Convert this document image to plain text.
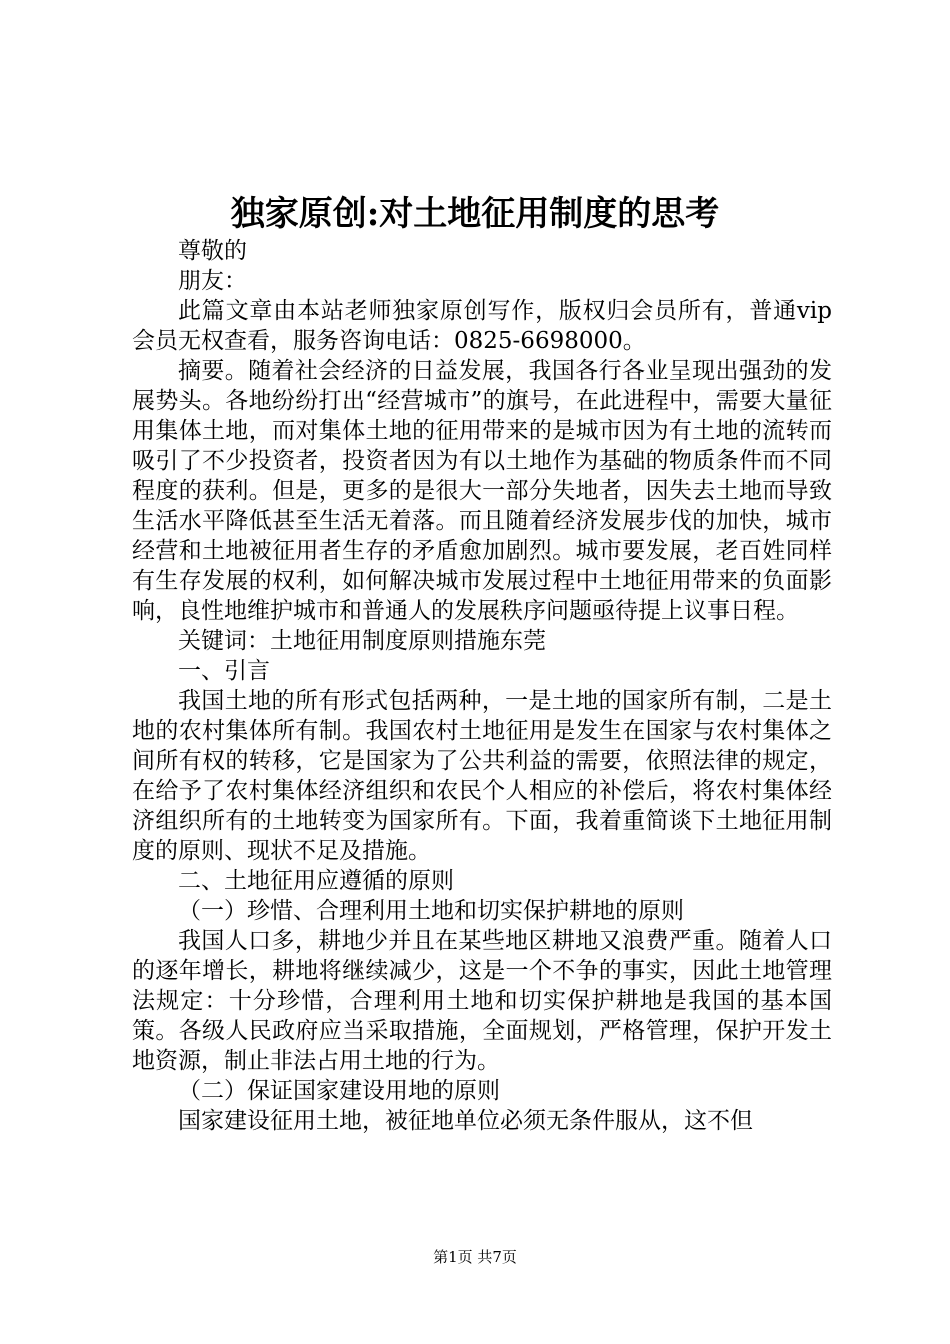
独家原创:对土地征用制度的思考

尊敬的

朋友：

此篇文章由本站老师独家原创写作，版权归会员所有，普通vip会员无权查看，服务咨询电话：0825-6698000。

摘要。随着社会经济的日益发展，我国各行各业呈现出强劲的发展势头。各地纷纷打出“经营城市”的旗号，在此进程中，需要大量征用集体土地，而对集体土地的征用带来的是城市因为有土地的流转而吸引了不少投资者，投资者因为有以土地作为基础的物质条件而不同程度的获利。但是，更多的是很大一部分失地者，因失去土地而导致生活水平降低甚至生活无着落。而且随着经济发展步伐的加快，城市经营和土地被征用者生存的矛盾愈加剧烈。城市要发展，老百姓同样有生存发展的权利，如何解决城市发展过程中土地征用带来的负面影响，良性地维护城市和普通人的发展秩序问题亟待提上议事日程。

关键词：土地征用制度原则措施东莞

一、引言

我国土地的所有形式包括两种，一是土地的国家所有制，二是土地的农村集体所有制。我国农村土地征用是发生在国家与农村集体之间所有权的转移，它是国家为了公共利益的需要，依照法律的规定，在给予了农村集体经济组织和农民个人相应的补偿后，将农村集体经济组织所有的土地转变为国家所有。下面，我着重简谈下土地征用制度的原则、现状不足及措施。

二、土地征用应遵循的原则

（一）珍惜、合理利用土地和切实保护耕地的原则

我国人口多，耕地少并且在某些地区耕地又浪费严重。随着人口的逐年增长，耕地将继续减少，这是一个不争的事实，因此土地管理法规定：十分珍惜，合理利用土地和切实保护耕地是我国的基本国策。各级人民政府应当采取措施，全面规划，严格管理，保护开发土地资源，制止非法占用土地的行为。

（二）保证国家建设用地的原则

国家建设征用土地，被征地单位必须无条件服从，这不但

第1页 共7页
